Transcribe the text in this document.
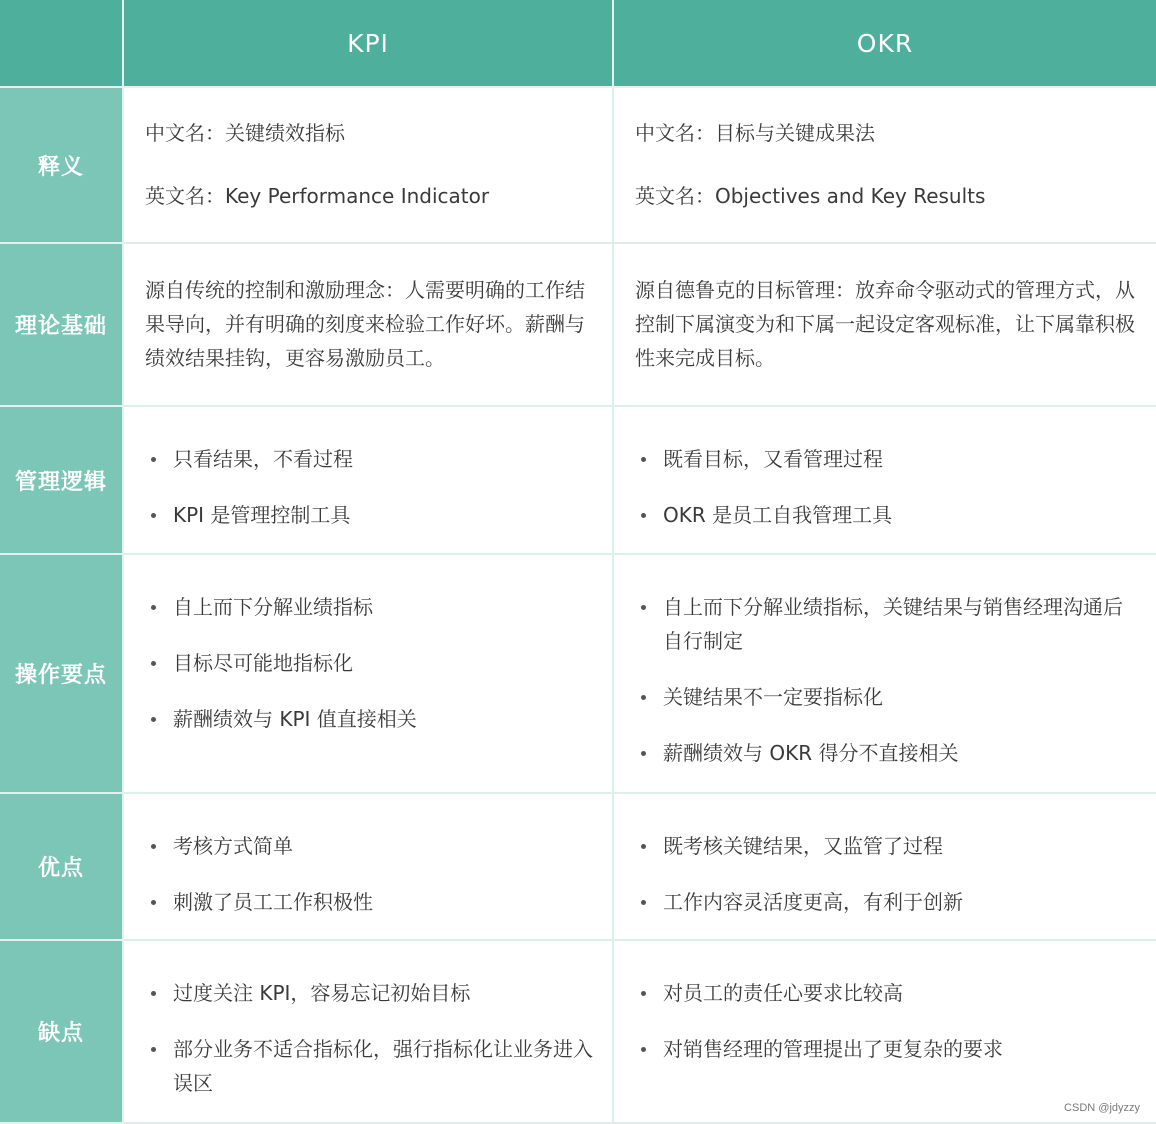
KPI	OKR
释义

中文名：关键绩效指标

英文名：Key Performance Indicator

中文名：目标与关键成果法

英文名：Objectives and Key Results

理论基础
源自传统的控制和激励理念：人需要明确的工作结果导向，并有明确的刻度来检验工作好坏。薪酬与绩效结果挂钩，更容易激励员工。
源自德鲁克的目标管理：放弃命令驱动式的管理方式，从控制下属演变为和下属一起设定客观标准，让下属靠积极性来完成目标。
管理逻辑
只看结果，不看过程
KPI 是管理控制工具
既看目标，又看管理过程
OKR 是员工自我管理工具
操作要点
自上而下分解业绩指标
目标尽可能地指标化
薪酬绩效与 KPI 值直接相关
自上而下分解业绩指标，关键结果与销售经理沟通后自行制定
关键结果不一定要指标化
薪酬绩效与 OKR 得分不直接相关
优点
考核方式简单
刺激了员工工作积极性
既考核关键结果，又监管了过程
工作内容灵活度更高，有利于创新
缺点
过度关注 KPI，容易忘记初始目标
部分业务不适合指标化，强行指标化让业务进入误区
对员工的责任心要求比较高
对销售经理的管理提出了更复杂的要求
CSDN @jdyzzy
